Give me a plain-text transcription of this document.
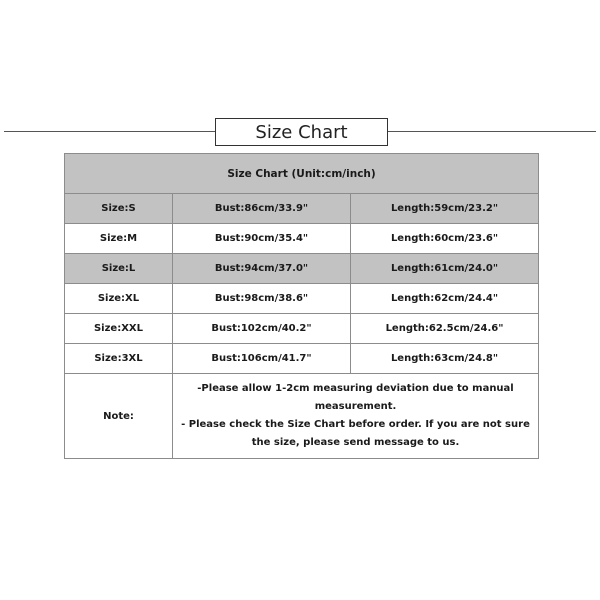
Size Chart
Size Chart (Unit:cm/inch)		
Size:S	Bust:86cm/33.9"	Length:59cm/23.2"
Size:M	Bust:90cm/35.4"	Length:60cm/23.6"
Size:L	Bust:94cm/37.0"	Length:61cm/24.0"
Size:XL	Bust:98cm/38.6"	Length:62cm/24.4"
Size:XXL	Bust:102cm/40.2"	Length:62.5cm/24.6"
Size:3XL	Bust:106cm/41.7"	Length:63cm/24.8"
Note:	-Please allow 1-2cm measuring deviation due to manual measurement.
- Please check the Size Chart before order. If you are not sure the size, please send message to us.	
